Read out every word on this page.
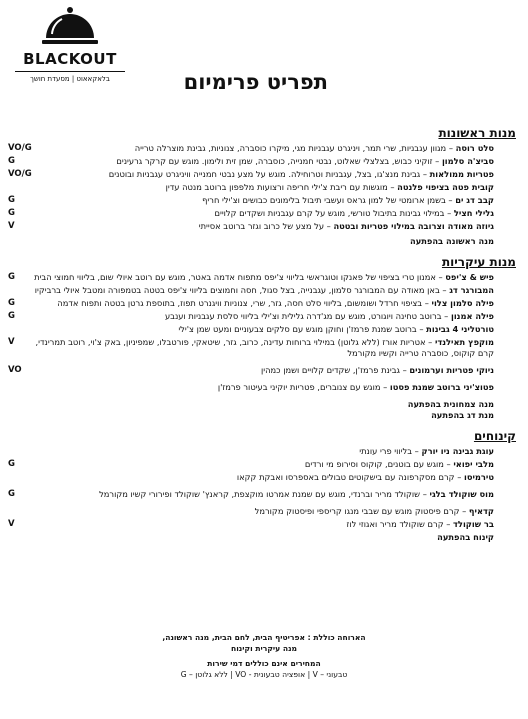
BLACKOUT
בלאקאאוט | מסעדת חושך	תפריט פרימיום
מנות ראשונות
סלט רוסה – מגוון עגבניות, שרי תמר, ויניגרט עגבניות מגי, מיקרו כוסברה, צנוניות, גבינת מוצרלה טרייה
VO/G
סביצ'ה סלמון – זוקיני כבוש, בצלצלי שאלוט, נבטי חמנייה, כוסברה, שמן זית ולימון. מוגש עם קרקר גרעינים
G
פטריות ממולאות – גבינת מנצ'גו, בצל, עגבניות וטרוחילה. מוגש על מצע נבטי חמנייה וויניגרט עגבניות ובוטנים
VO/G
קובית פטה בציפוי פלנטה – מוגשות עם ריבת צ'ילי חריפה ורצועות מלפפון ברוטב מנטה עדין
קבב דג ים – בשמן ארומטי של למון גראס ועשבי תיבול בלימונים כבושים וצ'ילי חריף
G
גלילי חציל – במילוי גבינות בתיבול טורשי, מוגש על קרם עגבניות ושקדים קלויים
G
גיוזה מאודה וצרובה במילוי פטריות ובטטה – על מצע של כרוב וגזר ברוטב אסייתי
V
מנה ראשונה בהפתעה
מנות עיקריות
פיש & צ'יפס – אמנון טרי בציפוי של פאנקו וטוגראשי בליווי צ'יפס מתפוח אדמה באטר, מוגש עם רוטב איולי שום, בליווי חמוצי הבית
G
המבורגר דג – באן מאודה עם המבורגר סלמון, עגבנייה, בצל סגול, חסה וחמוצים בליווי צ'יפס בטטה בטמפורה ומטבל איולי ברביקיו
פילה סלמון צלוי – בציפוי חרדל ושומשום, בליווי סלט חסה, גזר, שרי, צנוניות וויגנרט תפוז, בתוספת גרטן בטטה ותפוח אדמה
G
פילה אמנון – ברוטב טחינה ויוגורט, מוגש עם מג'דרה גלילית וצ'ילי בליווי סלסת עגבניות וענבע
G
טורטליני 4 גבינות – ברוטב שמנת פרמז'ן וחוקן מוגש עם סלקים צבעוניים ומעט שמן צ'ילי
מוקפץ תאילנדי – אטריות אורז (ללא גלוטן) במילוי ברוחות עדינה, כרוב, גזר, שיטאקי, פורטבלו, שמפיניון, באק צ'וי, רוטב תמרינדי, קרם קוקוס, כוסברה טרייה וקשיו מקורמל
V
ניוקי פטריות וערמונים – גבינת פרמז'ן, שקדים קלויים ושמן כמהין
VO
פטוצ'יני ברוטב שמנת פסטו – מוגש עם צנוברים, פטריות יוקיני בעיטור פרמז'ן
מנה צמחונית בהפתעה
מנת דג בהפתעה
קינוחים
עוגת גבינה ניו יורק – בליווי פרי עונתי
מלבי יפואי – מוגש עם בוטנים, קוקוס וסירופ מי ורדים
G
טירמיסו – קרם מסקרפונה עם בישקוטים טבולים באספרסו ואבקת קקאו
מוס שוקולד בלגי – שוקולד מריר וברנדי, מוגש עם שמנת אמרטו מוקצפת, קראנץ' שוקולד ופירורי קשיו מקורמל
G
קדאיף – קרם פיסטוק מוגש עם שבבי מנגו קריספי ופיסטוק מקורמל
בר שוקולד – קרם שוקולד מריר ואגוזי לוז
V
קינוח בהפתעה
הארוחה כוללת : אפריטיף הבית, לחם הבית, מנה ראשונה,
מנה עיקרית וקינוח
המחירים אינם כוללים דמי שירות
טבעוני – V | אופציה טבעונית - VO | ללא גלוטן – G
